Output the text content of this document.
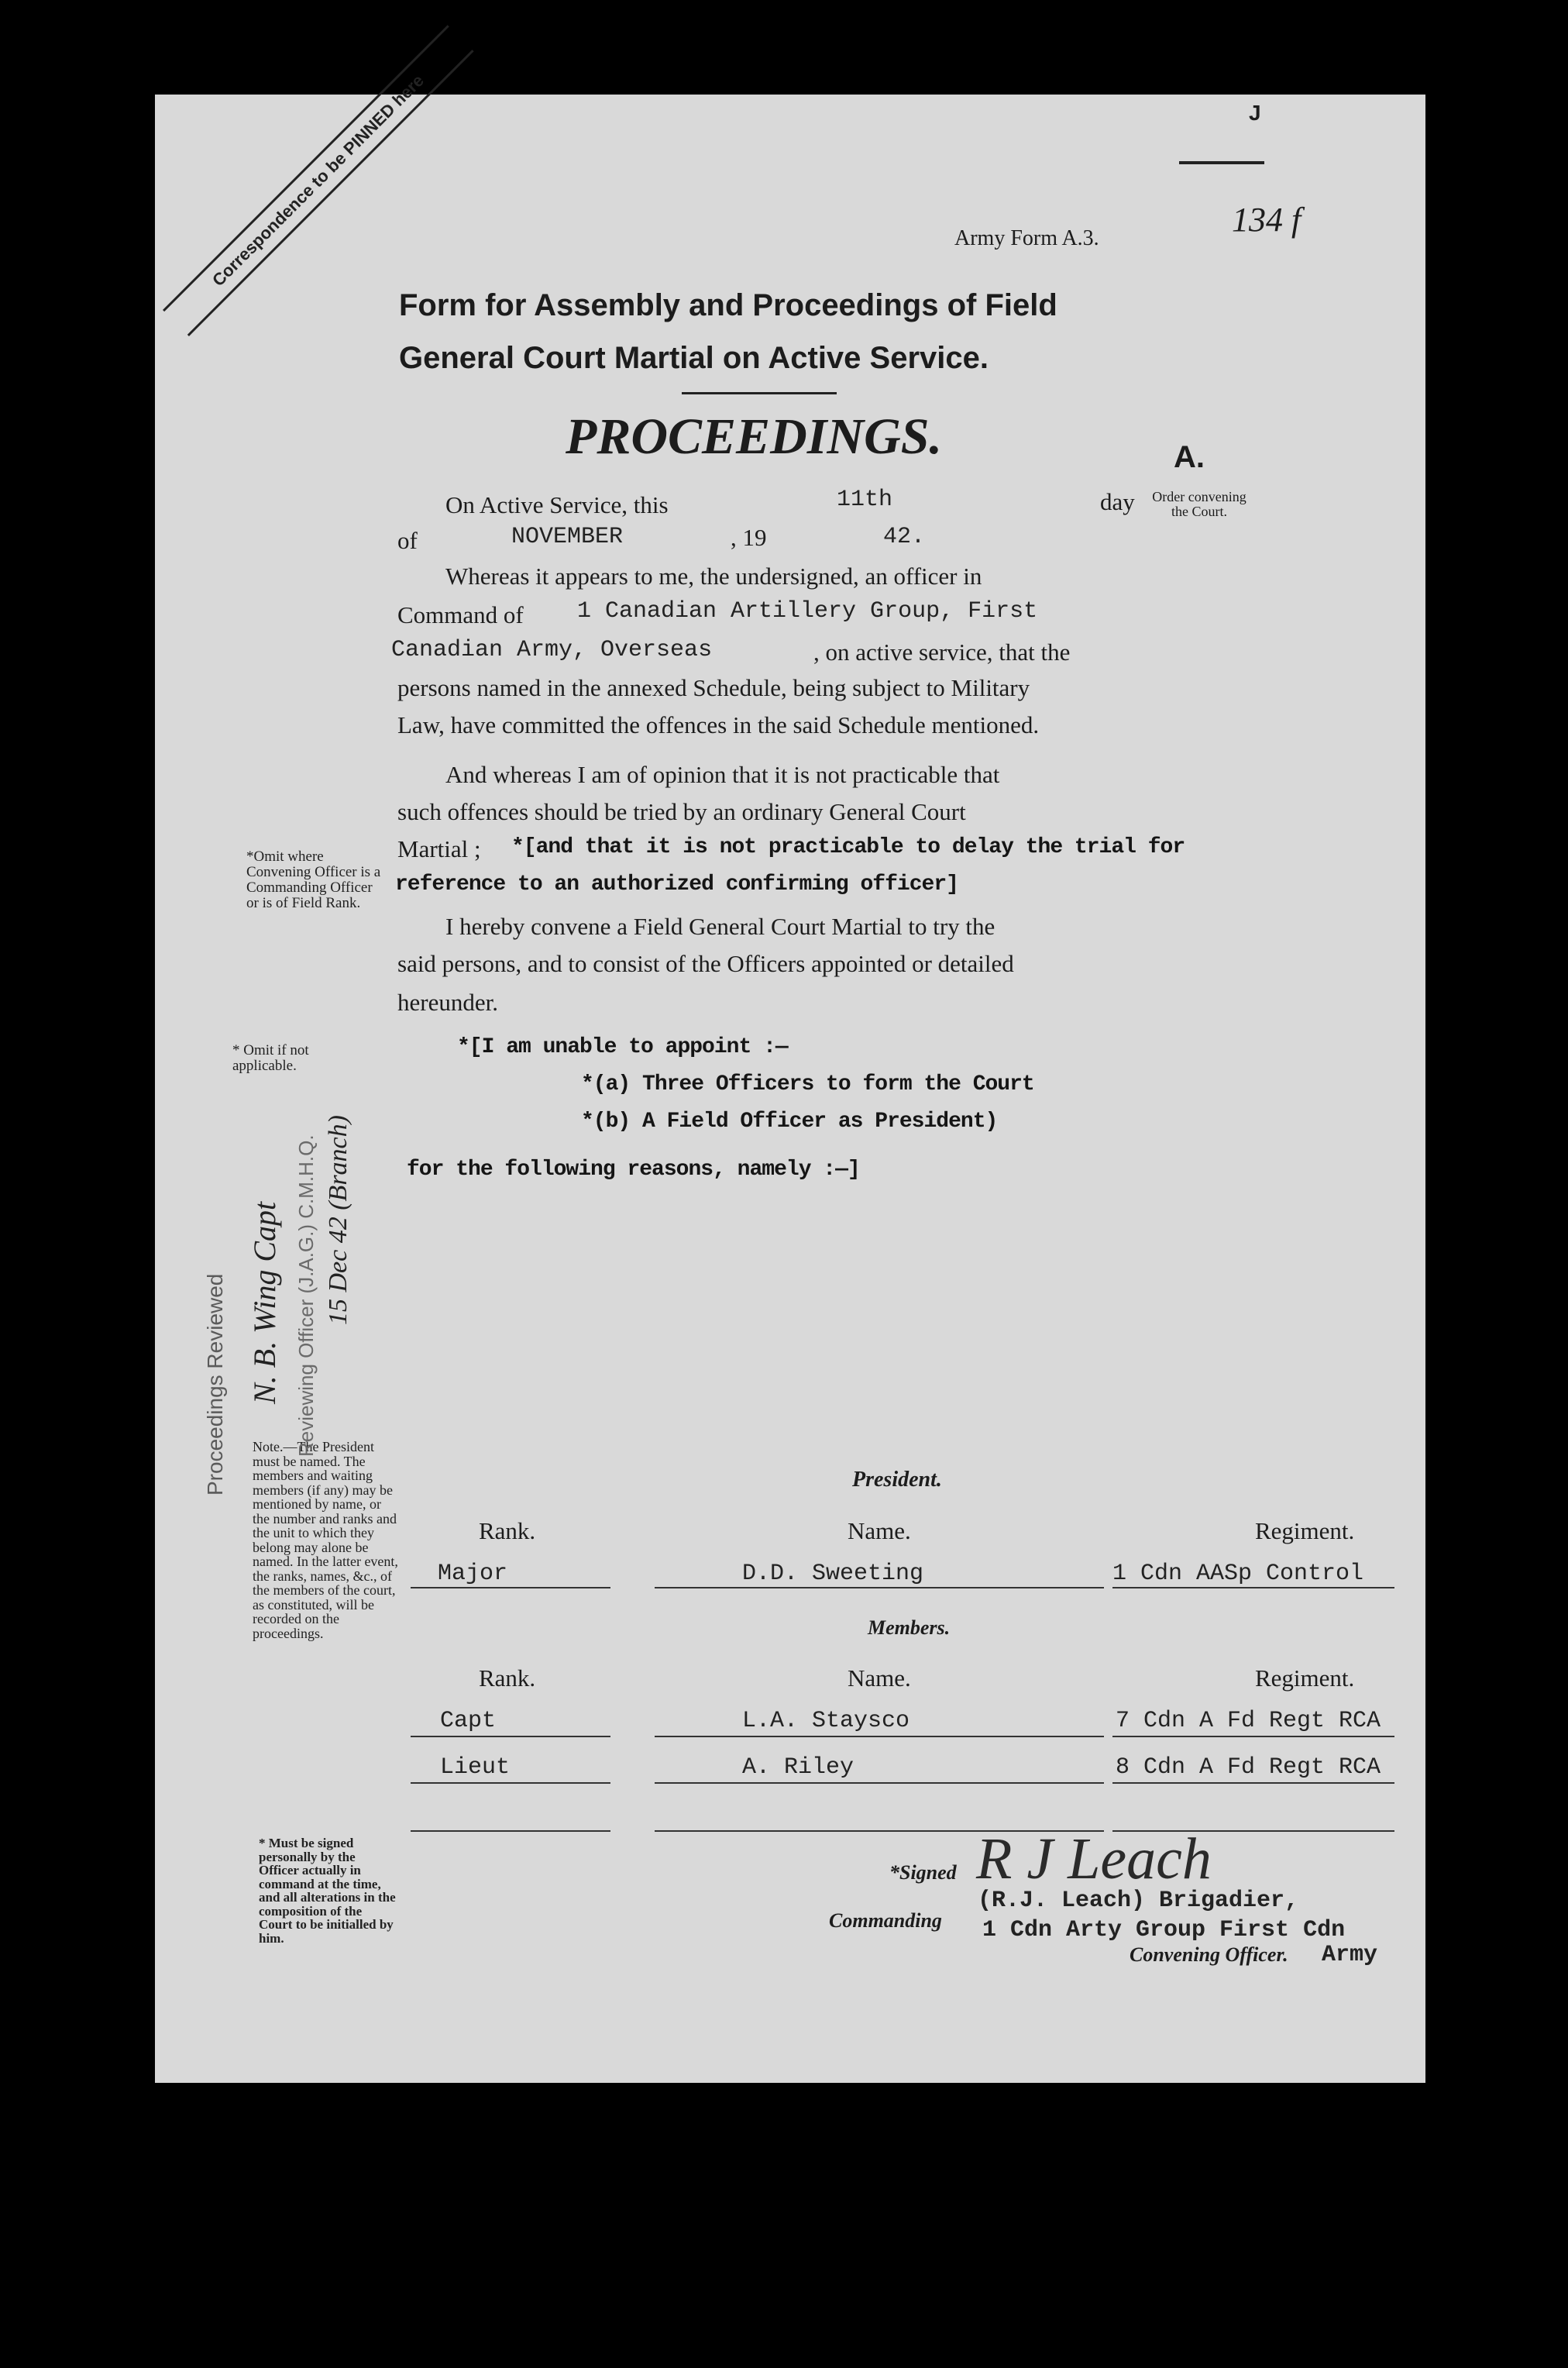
Correspondence to be PINNED here	J
134 f
Army Form A.3.
Form for Assembly and Proceedings of Field
General Court Martial on Active Service.
PROCEEDINGS.	A.
Order convening the Court.
On Active Service, this	11th	day
of	NOVEMBER	, 19	42.
Whereas it appears to me, the undersigned, an officer in
Command of 1 Canadian Artillery Group, First
Canadian Army, Overseas	, on active service, that the
persons named in the annexed Schedule, being subject to Military
Law, have committed the offences in the said Schedule mentioned.
And whereas I am of opinion that it is not practicable that
such offences should be tried by an ordinary General Court
Martial ; *[and that it is not practicable to delay the trial for
reference to an authorized confirming officer]
I hereby convene a Field General Court Martial to try the
said persons, and to consist of the Officers appointed or detailed
hereunder.
*[I am unable to appoint :—
*(a) Three Officers to form the Court
*(b) A Field Officer as President)
for the following reasons, namely :—]
*Omit where Convening Officer is a Commanding Officer or is of Field Rank.
* Omit if not applicable.
Note.—The President must be named. The members and waiting members (if any) may be mentioned by name, or the number and ranks and the unit to which they belong may alone be named. In the latter event, the ranks, names, &c., of the members of the court, as constituted, will be recorded on the proceedings.
* Must be signed personally by the Officer actually in command at the time, and all alterations in the composition of the Court to be initialled by him.
Proceedings Reviewed	Reviewing Officer (J.A.G.) C.M.H.Q.
N. B. Wing Capt 15 Dec 42 (Branch)
President.
Rank.	Name.	Regiment.
Major	D.D. Sweeting	1 Cdn AASp Control
Members.
Rank.	Name.	Regiment.
Capt	L.A. Staysco	7 Cdn A Fd Regt RCA
Lieut	A. Riley	8 Cdn A Fd Regt RCA
*Signed R J Leach
(R.J. Leach) Brigadier,
Commanding 1 Cdn Arty Group First Cdn
Convening Officer. Army
